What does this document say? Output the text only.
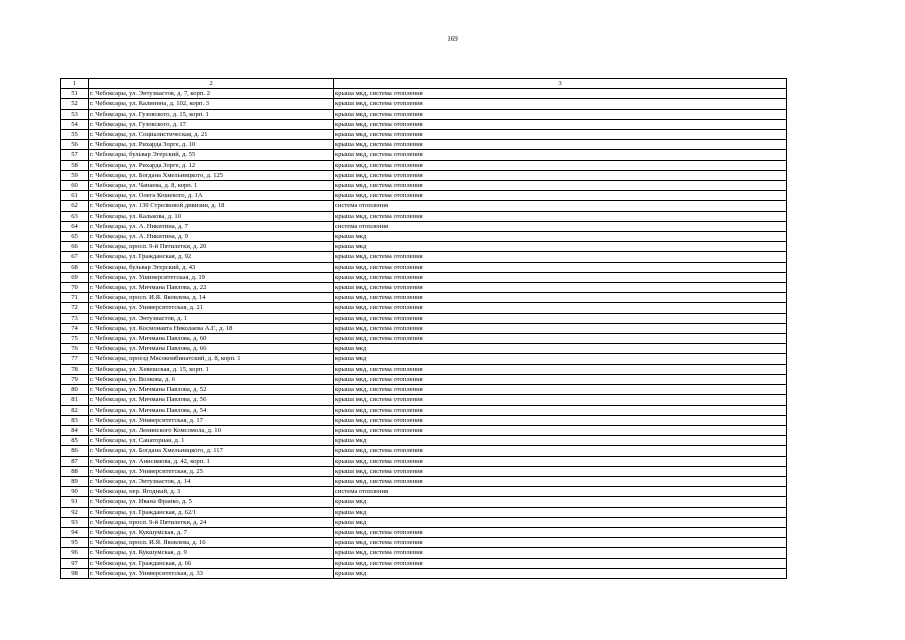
169
1	2	3
51	г. Чебоксары, ул. Энтузиастов, д. 7, корп. 2	крыша мкд, система отопления
52	г. Чебоксары, ул. Калинина, д. 102, корп. 3	крыша мкд, система отопления
53	г. Чебоксары, ул. Гузовского, д. 15, корп. 1	крыша мкд, система отопления
54	г. Чебоксары, ул. Гузовского, д. 17	крыша мкд, система отопления
55	г. Чебоксары, ул. Социалистическая, д. 21	крыша мкд, система отопления
56	г. Чебоксары, ул. Рихарда Зорге, д. 10	крыша мкд, система отопления
57	г. Чебоксары, бульвар Эгерский, д. 55	крыша мкд, система отопления
58	г. Чебоксары, ул. Рихарда Зорге, д. 12	крыша мкд, система отопления
59	г. Чебоксары, ул. Богдана Хмельницкого, д. 125	крыша мкд, система отопления
60	г. Чебоксары, ул. Чапаева, д. 8, корп. 1	крыша мкд, система отопления
61	г. Чебоксары, ул. Олега Кошевого, д. 1А	крыша мкд, система отопления
62	г. Чебоксары, ул. 139 Стрелковой дивизии, д. 18	система отопления
63	г. Чебоксары, ул. Калькова, д. 10	крыша мкд, система отопления
64	г. Чебоксары, ул. А. Никитина, д. 7	система отопления
65	г. Чебоксары, ул. А. Никитина, д. 9	крыша мкд
66	г. Чебоксары, просп. 9-й Пятилетки, д. 20	крыша мкд
67	г. Чебоксары, ул. Гражданская, д. 92	крыша мкд, система отопления
68	г. Чебоксары, бульвар Эгерский, д. 43	крыша мкд, система отопления
69	г. Чебоксары, ул. Ушинерситетская, д. 19	крыша мкд, система отопления
70	г. Чебоксары, ул. Мичмана Павлова, д. 22	крыша мкд, система отопления
71	г. Чебоксары, просп. И.Я. Яковлева, д. 14	крыша мкд, система отопления
72	г. Чебоксары, ул. Университетская, д. 21	крыша мкд, система отопления
73	г. Чебоксары, ул. Энтузиастов, д. 1	крыша мкд, система отопления
74	г. Чебоксары, ул. Космонавта Николаева А.Г., д. 18	крыша мкд, система отопления
75	г. Чебоксары, ул. Мичмана Павлова, д. 60	крыша мкд, система отопления
76	г. Чебоксары, ул. Мичмана Павлова, д. 66	крыша мкд
77	г. Чебоксары, проезд Мясокомбинатский, д. 8, корп. 1	крыша мкд
78	г. Чебоксары, ул. Хевешская, д. 15, корп. 1	крыша мкд, система отопления
79	г. Чебоксары, ул. Волкова, д. 6	крыша мкд, система отопления
80	г. Чебоксары, ул. Мичмана Павлова, д. 52	крыша мкд, система отопления
81	г. Чебоксары, ул. Мичмана Павлова, д. 56	крыша мкд, система отопления
82	г. Чебоксары, ул. Мичмана Павлова, д. 54	крыша мкд, система отопления
83	г. Чебоксары, ул. Университетская, д. 17	крыша мкд, система отопления
84	г. Чебоксары, ул. Ленинского Комсомола, д. 10	крыша мкд, система отопления
85	г. Чебоксары, ул. Санаторная, д. 1	крыша мкд
86	г. Чебоксары, ул. Богдана Хмельницкого, д. 117	крыша мкд, система отопления
87	г. Чебоксары, ул. Анисимова, д. 42, корп. 1	крыша мкд, система отопления
88	г. Чебоксары, ул. Университетская, д. 25	крыша мкд, система отопления
89	г. Чебоксары, ул. Энтузиастов, д. 14	крыша мкд, система отопления
90	г. Чебоксары, пер. Ягодный, д. 3	система отопления
91	г. Чебоксары, ул. Ивана Франко, д. 5	крыша мкд
92	г. Чебоксары, ул. Гражданская, д. 62/1	крыша мкд
93	г. Чебоксары, просп. 9-й Пятилетки, д. 24	крыша мкд
94	г. Чебоксары, ул. Кукшумская, д. 7	крыша мкд, система отопления
95	г. Чебоксары, просп. И.Я. Яковлева, д. 16	крыша мкд, система отопления
96	г. Чебоксары, ул. Кукшумская, д. 9	крыша мкд, система отопления
97	г. Чебоксары, ул. Гражданская, д. 66	крыша мкд, система отопления
98	г. Чебоксары, ул. Университетская, д. 33	крыша мкд
